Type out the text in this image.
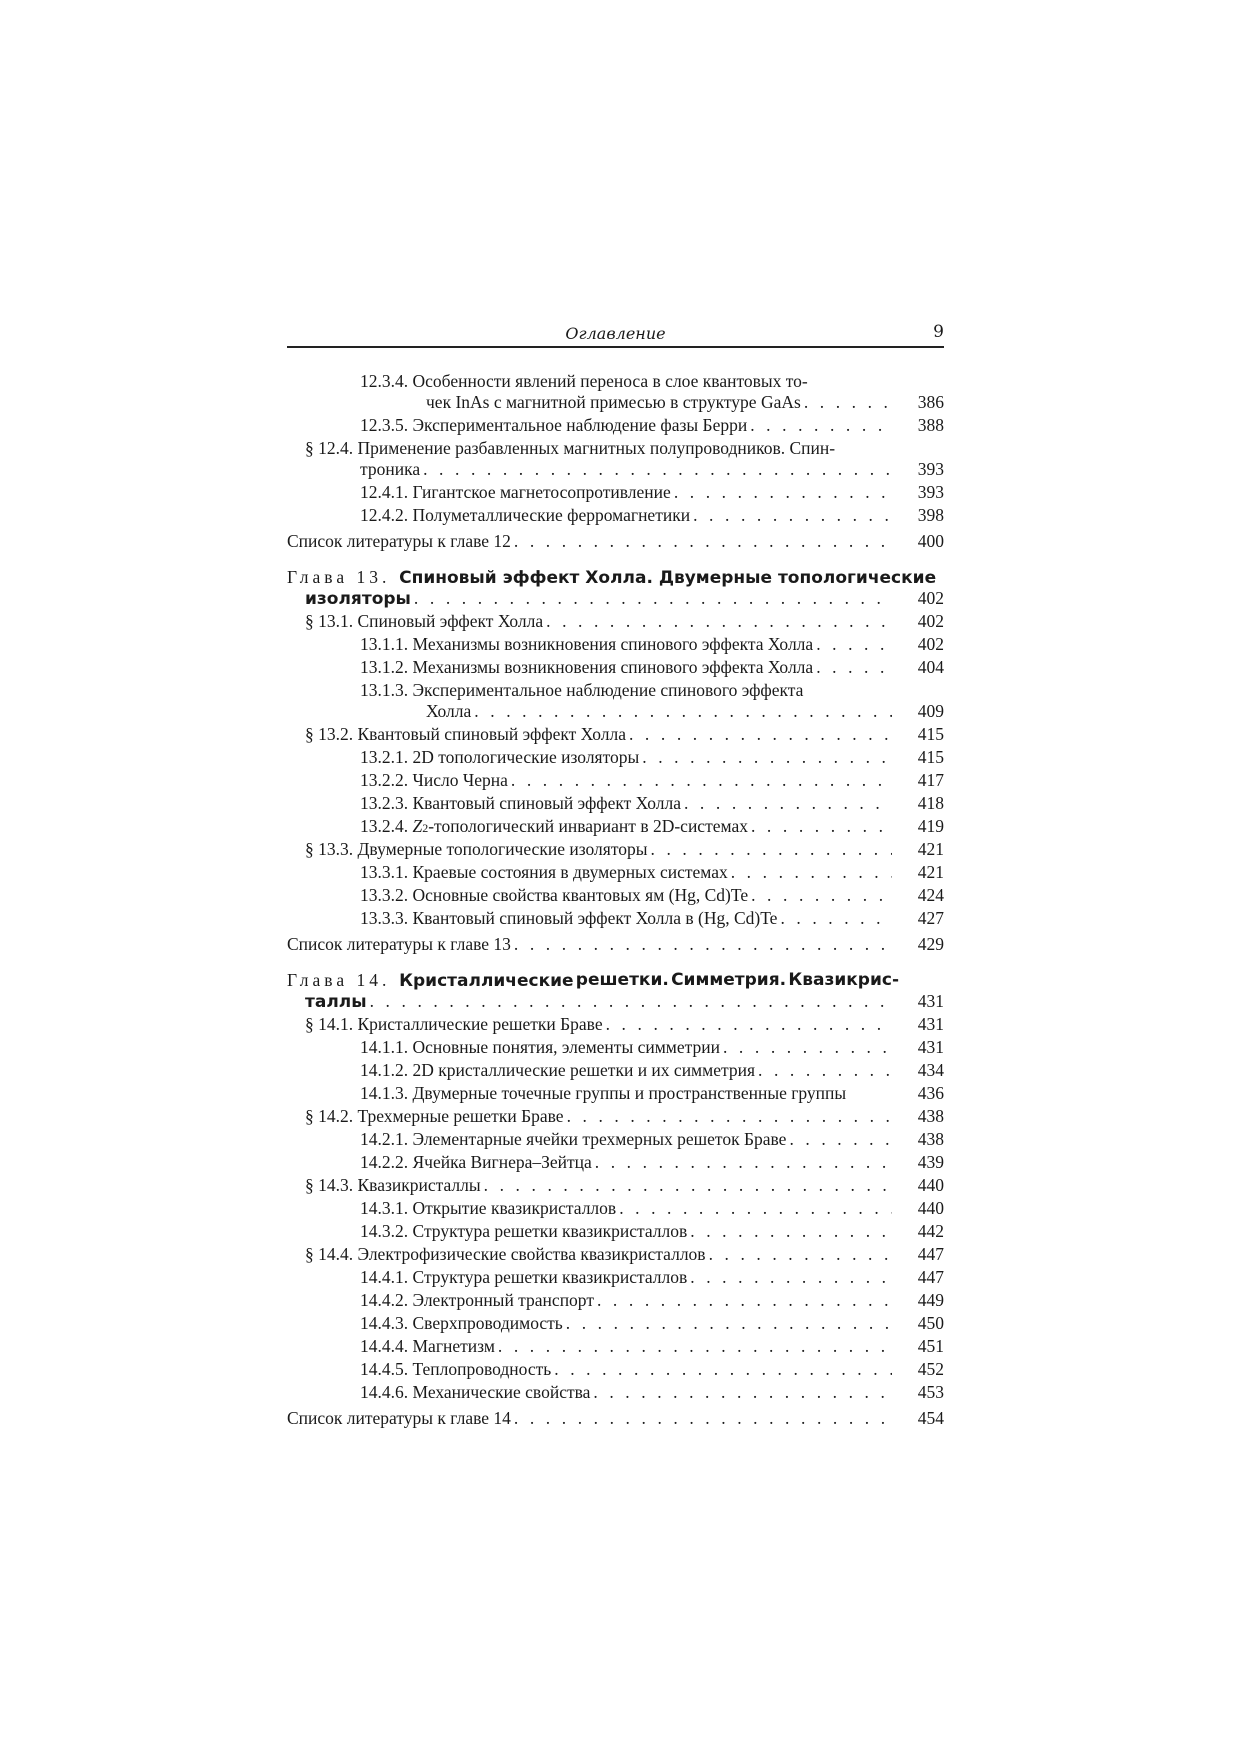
Оглавление	9
12.3.4. Особенности явлений переноса в слое квантовых то-
чек InAs с магнитной примесью в структуре GaAs . . .	386
12.3.5. Экспериментальное наблюдение фазы Берри . . .	388
§ 12.4. Применение разбавленных магнитных полупроводников. Спин-
троника . . .	393
12.4.1. Гигантское магнетосопротивление . . .	393
12.4.2. Полуметаллические ферромагнетики . . .	398
Список литературы к главе 12 . . .	400
Глава 13. Спиновый эффект Холла. Двумерные топологические
изоляторы . . .	402
§ 13.1. Спиновый эффект Холла . . .	402
13.1.1. Механизмы возникновения спинового эффекта Холла . . .	402
13.1.2. Механизмы возникновения спинового эффекта Холла . . .	404
13.1.3. Экспериментальное наблюдение спинового эффекта
Холла . . .	409
§ 13.2. Квантовый спиновый эффект Холла . . .	415
13.2.1. 2D топологические изоляторы . . .	415
13.2.2. Число Черна . . .	417
13.2.3. Квантовый спиновый эффект Холла . . .	418
13.2.4. Z2-топологический инвариант в 2D-системах . . .	419
§ 13.3. Двумерные топологические изоляторы . . .	421
13.3.1. Краевые состояния в двумерных системах . . .	421
13.3.2. Основные свойства квантовых ям (Hg, Cd)Te . . .	424
13.3.3. Квантовый спиновый эффект Холла в (Hg, Cd)Te . . .	427
Список литературы к главе 13 . . .	429
Глава 14. Кристаллические решетки. Симметрия. Квазикрис-
таллы . . .	431
§ 14.1. Кристаллические решетки Браве . . .	431
14.1.1. Основные понятия, элементы симметрии . . .	431
14.1.2. 2D кристаллические решетки и их симметрия . . .	434
14.1.3. Двумерные точечные группы и пространственные группы	436
§ 14.2. Трехмерные решетки Браве . . .	438
14.2.1. Элементарные ячейки трехмерных решеток Браве . . .	438
14.2.2. Ячейка Вигнера–Зейтца . . .	439
§ 14.3. Квазикристаллы . . .	440
14.3.1. Открытие квазикристаллов . . .	440
14.3.2. Структура решетки квазикристаллов . . .	442
§ 14.4. Электрофизические свойства квазикристаллов . . .	447
14.4.1. Структура решетки квазикристаллов . . .	447
14.4.2. Электронный транспорт . . .	449
14.4.3. Сверхпроводимость . . .	450
14.4.4. Магнетизм . . .	451
14.4.5. Теплопроводность . . .	452
14.4.6. Механические свойства . . .	453
Список литературы к главе 14 . . .	454
